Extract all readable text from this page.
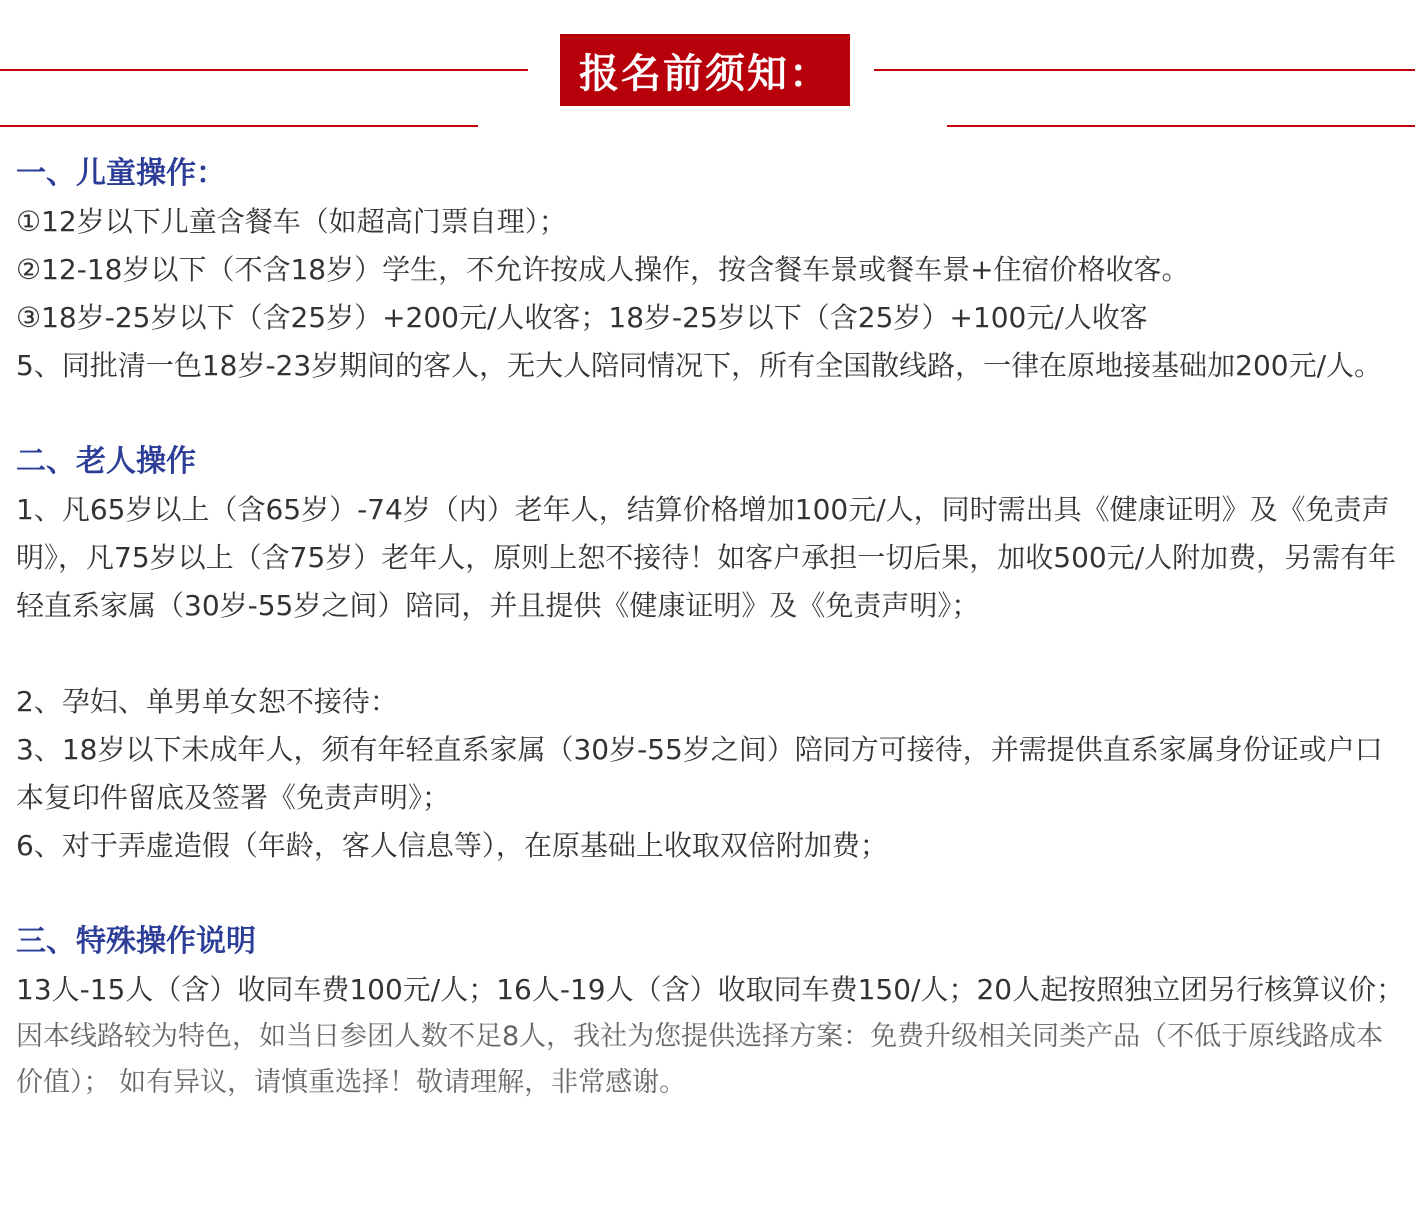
报名前须知：
一、儿童操作：

①12岁以下儿童含餐车（如超高门票自理）；

②12-18岁以下（不含18岁）学生，不允许按成人操作，按含餐车景或餐车景+住宿价格收客。

③18岁-25岁以下（含25岁）+200元/人收客；18岁-25岁以下（含25岁）+100元/人收客

5、同批清一色18岁-23岁期间的客人，无大人陪同情况下，所有全国散线路，一律在原地接基础加200元/人。

二、老人操作

1、凡65岁以上（含65岁）-74岁（内）老年人，结算价格增加100元/人，同时需出具《健康证明》及《免责声明》，凡75岁以上（含75岁）老年人，原则上恕不接待！如客户承担一切后果，加收500元/人附加费，另需有年轻直系家属（30岁-55岁之间）陪同，并且提供《健康证明》及《免责声明》；

2、孕妇、单男单女恕不接待：

3、18岁以下未成年人，须有年轻直系家属（30岁-55岁之间）陪同方可接待，并需提供直系家属身份证或户口本复印件留底及签署《免责声明》；

6、对于弄虚造假（年龄，客人信息等），在原基础上收取双倍附加费；

三、特殊操作说明

13人-15人（含）收同车费100元/人；16人-19人（含）收取同车费150/人；20人起按照独立团另行核算议价；

因本线路较为特色，如当日参团人数不足8人，我社为您提供选择方案：免费升级相关同类产品（不低于原线路成本价值）； 如有异议，请慎重选择！敬请理解，非常感谢。
